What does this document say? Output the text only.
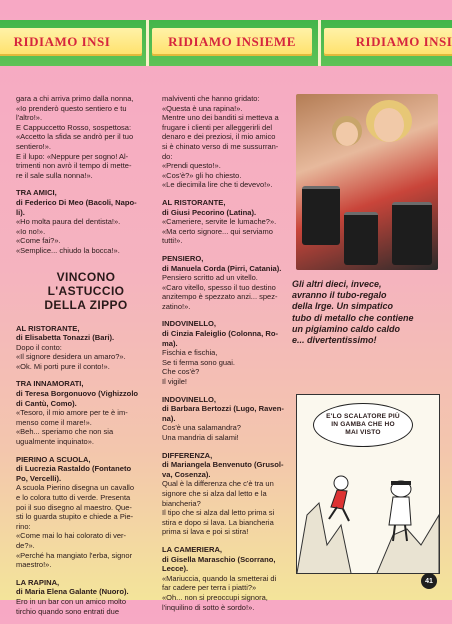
RIDIAMO INSI	RIDIAMO INSIEME	RIDIAMO INSI

gara a chi arriva primo dalla nonna,

«Io prenderò questo sentiero e tu

l'altro!».

E Cappuccetto Rosso, sospettosa:

«Accetto la sfida se andrò per il tuo

sentiero!».

E il lupo: «Neppure per sogno! Al-

trimenti non avrò il tempo di mette-

re il sale sulla nonna!».

TRA AMICI,

di Federico Di Meo (Bacoli, Napo-

li).

«Ho molta paura del dentista!».

«Io no!».

«Come fai?».

«Semplice... chiudo la bocca!».

VINCONO
L'ASTUCCIO
DELLA ZIPPO

AL RISTORANTE,

di Elisabetta Tonazzi (Bari).

Dopo il conto:

«Il signore desidera un amaro?».

«Ok. Mi porti pure il conto!».

TRA INNAMORATI,

di Teresa Borgonuovo (Vighizzolo

di Cantù, Como).

«Tesoro, il mio amore per te è im-

menso come il mare!».

«Beh... speriamo che non sia

ugualmente inquinato».

PIERINO A SCUOLA,

di Lucrezia Rastaldo (Fontaneto

Po, Vercelli).

A scuola Pierino disegna un cavallo

e lo colora tutto di verde. Presenta

poi il suo disegno al maestro. Que-

sti lo guarda stupito e chiede a Pie-

rino:

«Come mai lo hai colorato di ver-

de?».

«Perché ha mangiato l'erba, signor

maestro!».

LA RAPINA,

di Maria Elena Galante (Nuoro).

Ero in un bar con un amico molto

tirchio quando sono entrati due

malviventi che hanno gridato:

«Questa è una rapina!».

Mentre uno dei banditi si metteva a

frugare i clienti per alleggerirli del

denaro e dei preziosi, il mio amico

si è chinato verso di me sussurran-

do:

«Prendi questo!».

«Cos'è?» gli ho chiesto.

«Le diecimila lire che ti devevo!».

AL RISTORANTE,

di Giusi Pecorino (Latina).

«Cameriere, servite le lumache?».

«Ma certo signore... qui serviamo

tutti!».

PENSIERO,

di Manuela Corda (Pirri, Catania).

Pensiero scritto ad un vitello.

«Caro vitello, spesso il tuo destino

anzitempo è spezzato anzi... spez-

zatino!».

INDOVINELLO,

di Cinzia Faleiglio (Colonna, Ro-

ma).

Fischia e fischia,

Se ti ferma sono guai.

Che cos'è?

Il vigile!

INDOVINELLO,

di Barbara Bertozzi (Lugo, Raven-

na).

Cos'è una salamandra?

Una mandria di salami!

DIFFERENZA,

di Mariangela Benvenuto (Grusol-

va, Cosenza).

Qual è la differenza che c'è tra un

signore che si alza dal letto e la

biancheria?

Il tipo che si alza dal letto prima si

stira e dopo si lava. La biancheria

prima si lava e poi si stira!

LA CAMERIERA,

di Gisella Maraschio (Scorrano,

Lecce).

«Mariuccia, quando la smetterai di

far cadere per terra i piatti?»

«Oh... non si preoccupi signora,

l'inquilino di sotto è sordo!».

Gli altri dieci, invece,
avranno il tubo-regalo
della Irge. Un simpatico
tubo di metallo che contiene
un pigiamino caldo caldo
e... divertentissimo!
E'LO SCALATORE PIÙ
IN GAMBA CHE HO
MAI VISTO
41
